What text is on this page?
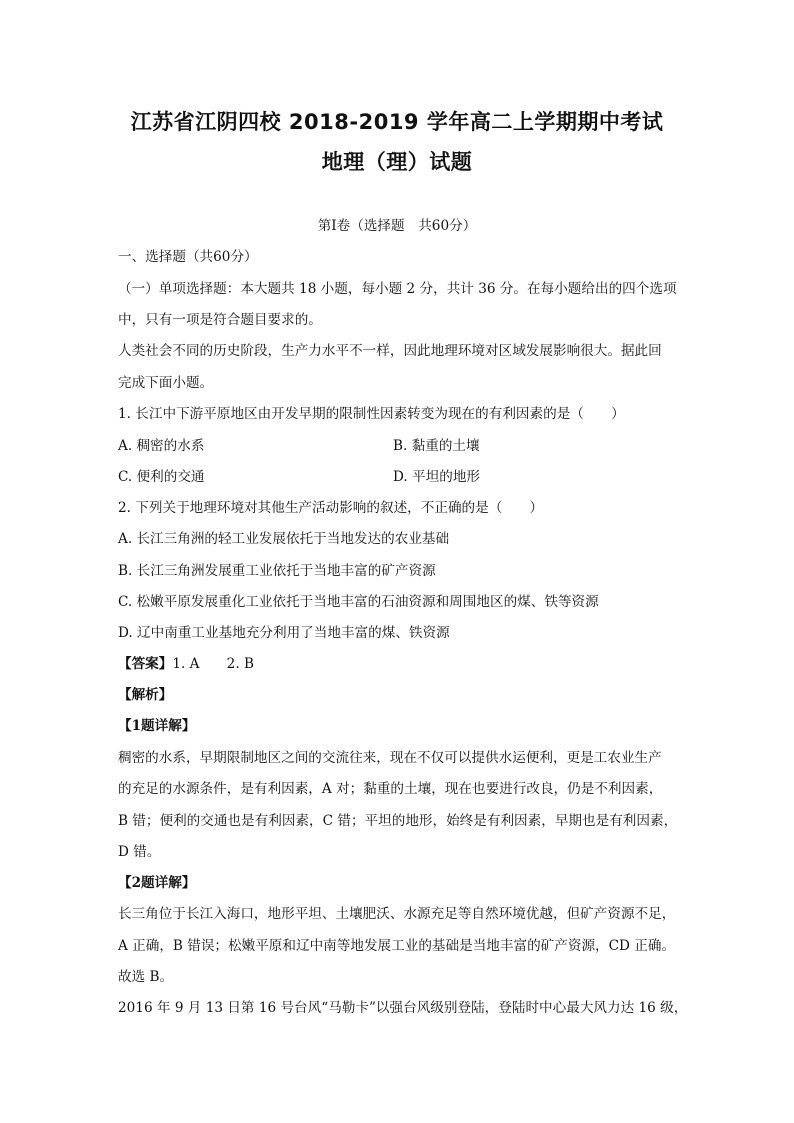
江苏省江阴四校 2018-2019 学年高二上学期期中考试
地理（理）试题
第Ⅰ卷（选择题　共60分）
一、选择题（共60分）
（一）单项选择题：本大题共 18 小题，每小题 2 分，共计 36 分。在每小题给出的四个选项
中，只有一项是符合题目要求的。
人类社会不同的历史阶段，生产力水平不一样，因此地理环境对区域发展影响很大。据此回
完成下面小题。
1. 长江中下游平原地区由开发早期的限制性因素转变为现在的有利因素的是（　　）
A. 稠密的水系	B. 黏重的土壤
C. 便利的交通	D. 平坦的地形
2. 下列关于地理环境对其他生产活动影响的叙述，不正确的是（　　）
A. 长江三角洲的轻工业发展依托于当地发达的农业基础
B. 长江三角洲发展重工业依托于当地丰富的矿产资源
C. 松嫩平原发展重化工业依托于当地丰富的石油资源和周围地区的煤、铁等资源
D. 辽中南重工业基地充分利用了当地丰富的煤、铁资源
【答案】1. A　　2. B
【解析】
【1题详解】
稠密的水系，早期限制地区之间的交流往来，现在不仅可以提供水运便利，更是工农业生产
的充足的水源条件，是有利因素，A 对；黏重的土壤，现在也要进行改良，仍是不利因素，
B 错；便利的交通也是有利因素，C 错；平坦的地形，始终是有利因素，早期也是有利因素，
D 错。
【2题详解】
长三角位于长江入海口，地形平坦、土壤肥沃、水源充足等自然环境优越，但矿产资源不足，
A 正确，B 错误；松嫩平原和辽中南等地发展工业的基础是当地丰富的矿产资源，CD 正确。
故选 B。
2016 年 9 月 13 日第 16 号台风“马勒卡”以强台风级别登陆，登陆时中心最大风力达 16 级，
